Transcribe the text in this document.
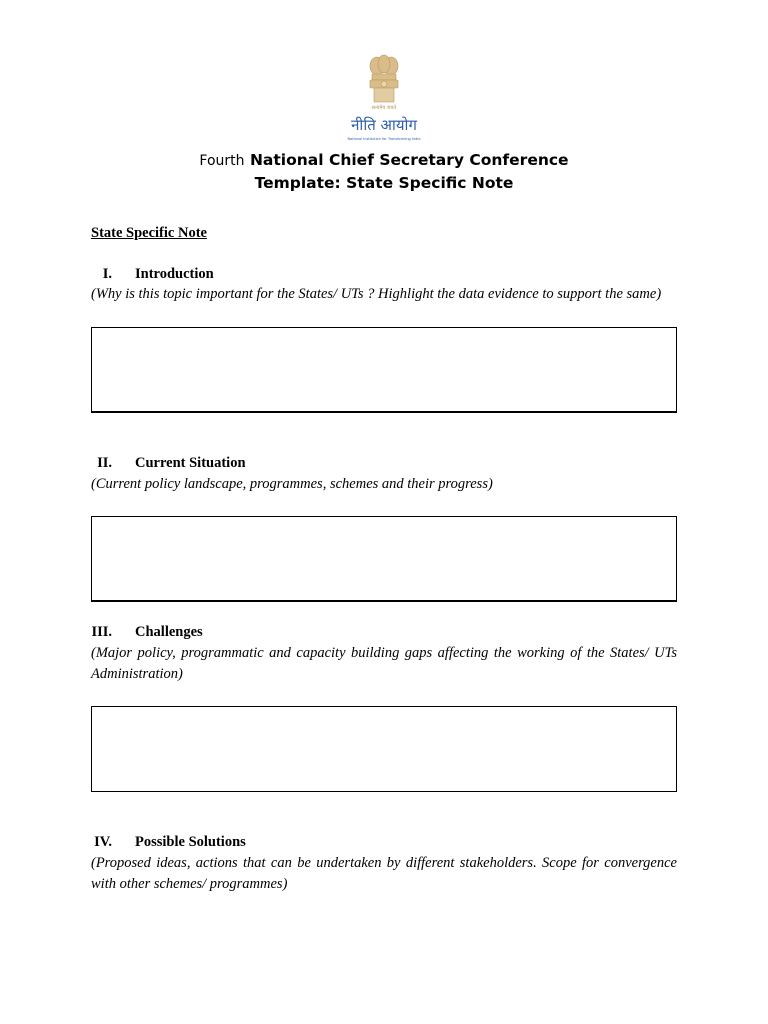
सत्यमेव जयते
नीति आयोग
National Institution for Transforming India
Fourth National Chief Secretary Conference
Template: State Specific Note
State Specific Note
I. Introduction
(Why is this topic important for the States/ UTs ? Highlight the data evidence to support the same)
II. Current Situation
(Current policy landscape, programmes, schemes and their progress)
III. Challenges
(Major policy, programmatic and capacity building gaps affecting the working of the States/ UTs Administration)
IV. Possible Solutions
(Proposed ideas, actions that can be undertaken by different stakeholders. Scope for convergence with other schemes/ programmes)
